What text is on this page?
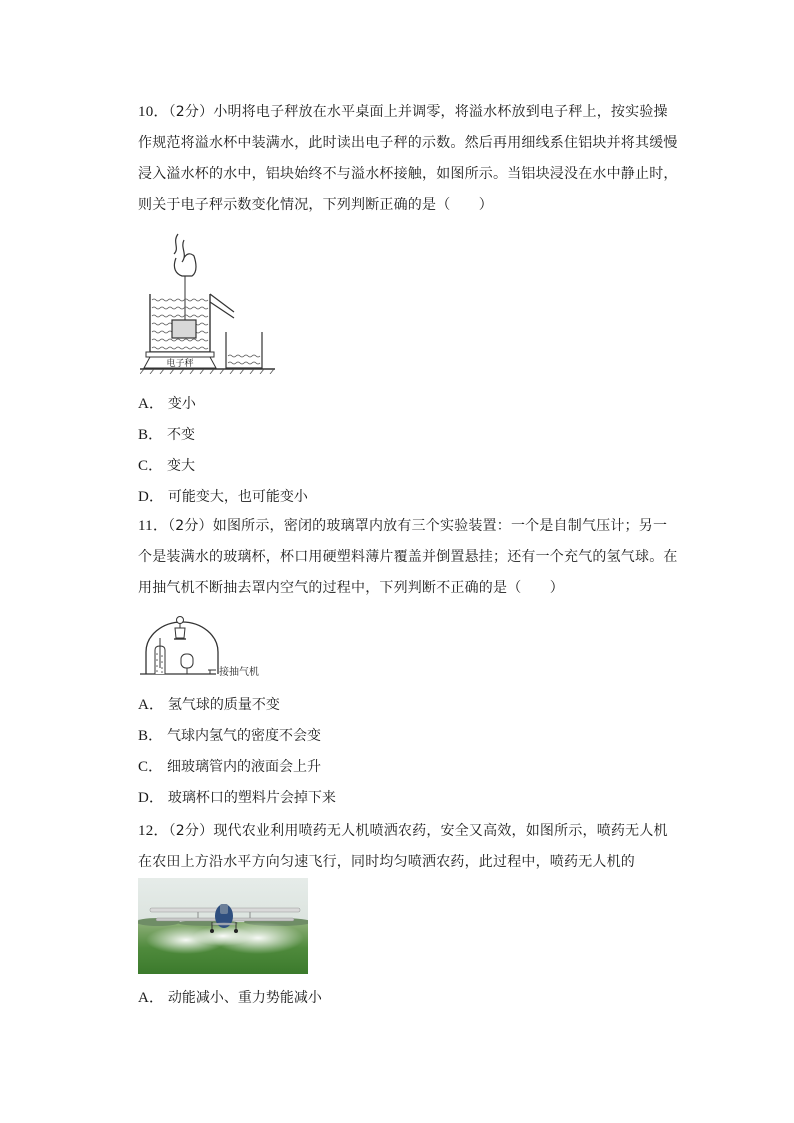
10．（2分）小明将电子秤放在水平桌面上并调零，将溢水杯放到电子秤上，按实验操作规范将溢水杯中装满水，此时读出电子秤的示数。然后再用细线系住铝块并将其缓慢浸入溢水杯的水中，铝块始终不与溢水杯接触，如图所示。当铝块浸没在水中静止时，则关于电子秤示数变化情况，下列判断正确的是（　　）
电子秤
A． 变小
B． 不变
C． 变大
D． 可能变大，也可能变小
11．（2分）如图所示，密闭的玻璃罩内放有三个实验装置：一个是自制气压计；另一个是装满水的玻璃杯，杯口用硬塑料薄片覆盖并倒置悬挂；还有一个充气的氢气球。在用抽气机不断抽去罩内空气的过程中，下列判断不正确的是（　　）
接抽气机
A． 氢气球的质量不变
B． 气球内氢气的密度不会变
C． 细玻璃管内的液面会上升
D． 玻璃杯口的塑料片会掉下来
12．（2分）现代农业利用喷药无人机喷洒农药，安全又高效，如图所示，喷药无人机在农田上方沿水平方向匀速飞行，同时均匀喷洒农药，此过程中，喷药无人机的　　
A． 动能减小、重力势能减小
